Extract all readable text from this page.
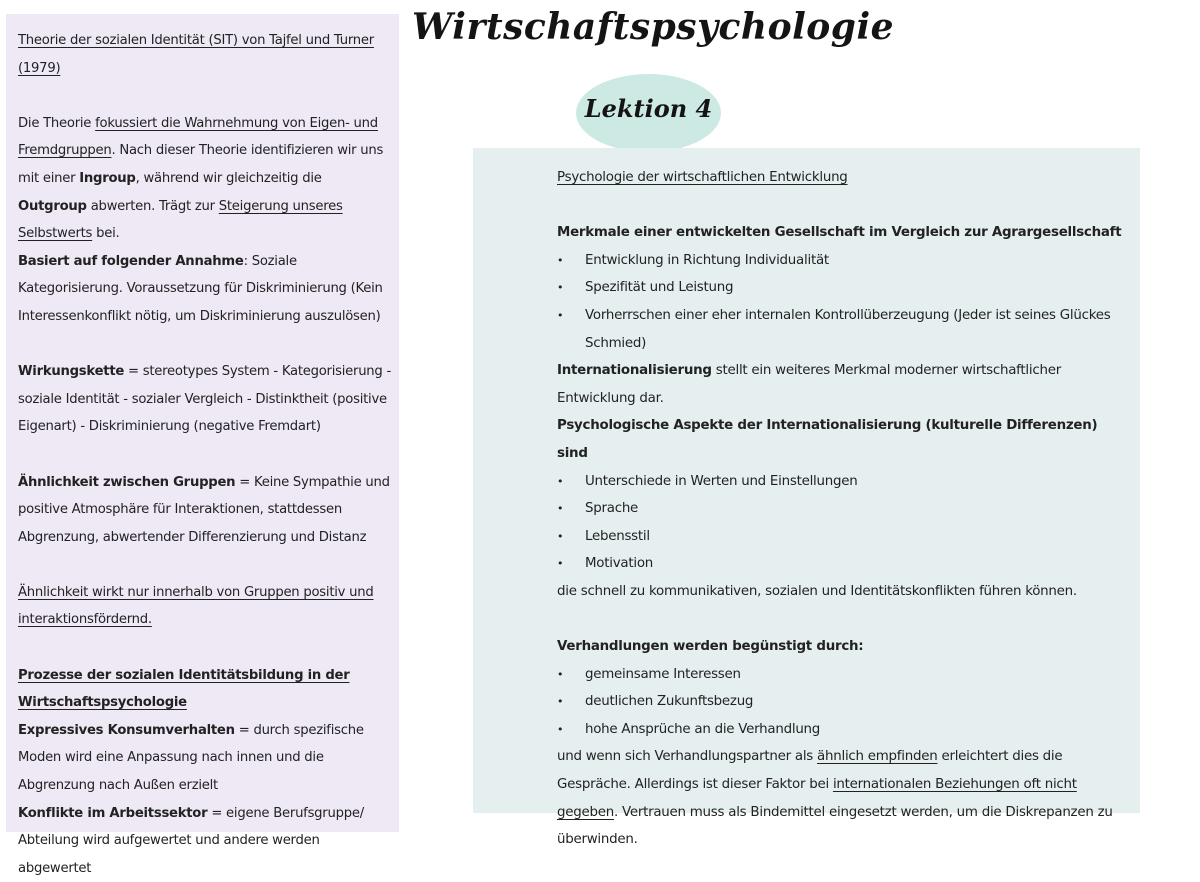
Theorie der sozialen Identität (SIT) von Tajfel und Turner (1979)

Die Theorie fokussiert die Wahrnehmung von Eigen- und Fremdgruppen. Nach dieser Theorie identifizieren wir uns mit einer Ingroup, während wir gleichzeitig die Outgroup abwerten. Trägt zur Steigerung unseres Selbstwerts bei.

Basiert auf folgender Annahme: Soziale Kategorisierung. Voraussetzung für Diskriminierung (Kein Interessenkonflikt nötig, um Diskriminierung auszulösen)

Wirkungskette = stereotypes System - Kategorisierung - soziale Identität - sozialer Vergleich - Distinktheit (positive Eigenart) - Diskriminierung (negative Fremdart)

Ähnlichkeit zwischen Gruppen = Keine Sympathie und positive Atmosphäre für Interaktionen, stattdessen Abgrenzung, abwertender Differenzierung und Distanz

Ähnlichkeit wirkt nur innerhalb von Gruppen positiv und interaktionsfördernd.

Prozesse der sozialen Identitätsbildung in der Wirtschaftspsychologie

Expressives Konsumverhalten = durch spezifische Moden wird eine Anpassung nach innen und die Abgrenzung nach Außen erzielt

Konflikte im Arbeitssektor = eigene Berufsgruppe/ Abteilung wird aufgewertet und andere werden abgewertet

Wirtschaftspsychologie
Lektion 4

Psychologie der wirtschaftlichen Entwicklung

Merkmale einer entwickelten Gesellschaft im Vergleich zur Agrargesellschaft

• Entwicklung in Richtung Individualität
• Spezifität und Leistung
• Vorherrschen einer eher internalen Kontrollüberzeugung (Jeder ist seines Glückes Schmied)

Internationalisierung stellt ein weiteres Merkmal moderner wirtschaftlicher Entwicklung dar.

Psychologische Aspekte der Internationalisierung (kulturelle Differenzen) sind

• Unterschiede in Werten und Einstellungen
• Sprache
• Lebensstil
• Motivation

die schnell zu kommunikativen, sozialen und Identitätskonflikten führen können.

Verhandlungen werden begünstigt durch:

• gemeinsame Interessen
• deutlichen Zukunftsbezug
• hohe Ansprüche an die Verhandlung

und wenn sich Verhandlungspartner als ähnlich empfinden erleichtert dies die Gespräche. Allerdings ist dieser Faktor bei internationalen Beziehungen oft nicht gegeben. Vertrauen muss als Bindemittel eingesetzt werden, um die Diskrepanzen zu überwinden.
